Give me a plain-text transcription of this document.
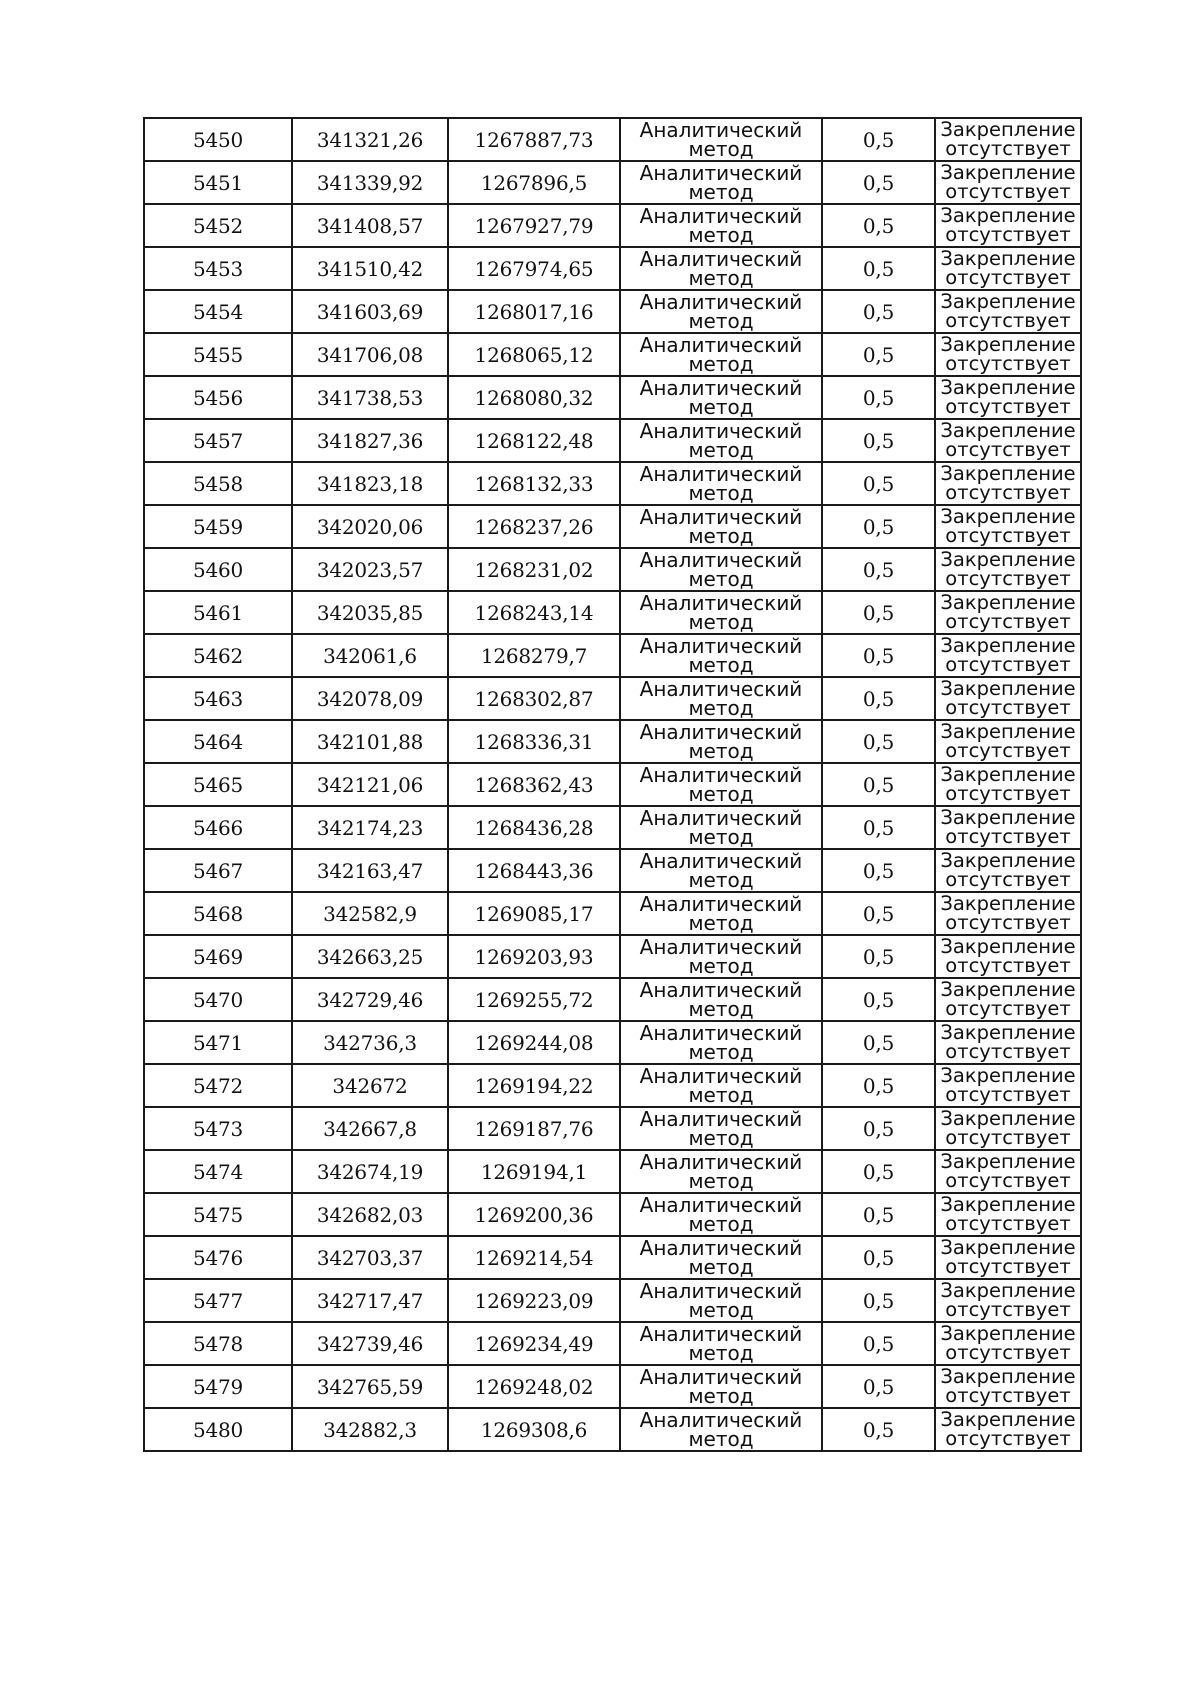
5450	341321,26	1267887,73	Аналитический
метод	0,5	Закрепление
отсутствует

5451	341339,92	1267896,5	Аналитический
метод	0,5	Закрепление
отсутствует

5452	341408,57	1267927,79	Аналитический
метод	0,5	Закрепление
отсутствует

5453	341510,42	1267974,65	Аналитический
метод	0,5	Закрепление
отсутствует

5454	341603,69	1268017,16	Аналитический
метод	0,5	Закрепление
отсутствует

5455	341706,08	1268065,12	Аналитический
метод	0,5	Закрепление
отсутствует

5456	341738,53	1268080,32	Аналитический
метод	0,5	Закрепление
отсутствует

5457	341827,36	1268122,48	Аналитический
метод	0,5	Закрепление
отсутствует

5458	341823,18	1268132,33	Аналитический
метод	0,5	Закрепление
отсутствует

5459	342020,06	1268237,26	Аналитический
метод	0,5	Закрепление
отсутствует

5460	342023,57	1268231,02	Аналитический
метод	0,5	Закрепление
отсутствует

5461	342035,85	1268243,14	Аналитический
метод	0,5	Закрепление
отсутствует

5462	342061,6	1268279,7	Аналитический
метод	0,5	Закрепление
отсутствует

5463	342078,09	1268302,87	Аналитический
метод	0,5	Закрепление
отсутствует

5464	342101,88	1268336,31	Аналитический
метод	0,5	Закрепление
отсутствует

5465	342121,06	1268362,43	Аналитический
метод	0,5	Закрепление
отсутствует

5466	342174,23	1268436,28	Аналитический
метод	0,5	Закрепление
отсутствует

5467	342163,47	1268443,36	Аналитический
метод	0,5	Закрепление
отсутствует

5468	342582,9	1269085,17	Аналитический
метод	0,5	Закрепление
отсутствует

5469	342663,25	1269203,93	Аналитический
метод	0,5	Закрепление
отсутствует

5470	342729,46	1269255,72	Аналитический
метод	0,5	Закрепление
отсутствует

5471	342736,3	1269244,08	Аналитический
метод	0,5	Закрепление
отсутствует

5472	342672	1269194,22	Аналитический
метод	0,5	Закрепление
отсутствует

5473	342667,8	1269187,76	Аналитический
метод	0,5	Закрепление
отсутствует

5474	342674,19	1269194,1	Аналитический
метод	0,5	Закрепление
отсутствует

5475	342682,03	1269200,36	Аналитический
метод	0,5	Закрепление
отсутствует

5476	342703,37	1269214,54	Аналитический
метод	0,5	Закрепление
отсутствует

5477	342717,47	1269223,09	Аналитический
метод	0,5	Закрепление
отсутствует

5478	342739,46	1269234,49	Аналитический
метод	0,5	Закрепление
отсутствует

5479	342765,59	1269248,02	Аналитический
метод	0,5	Закрепление
отсутствует

5480	342882,3	1269308,6	Аналитический
метод	0,5	Закрепление
отсутствует
